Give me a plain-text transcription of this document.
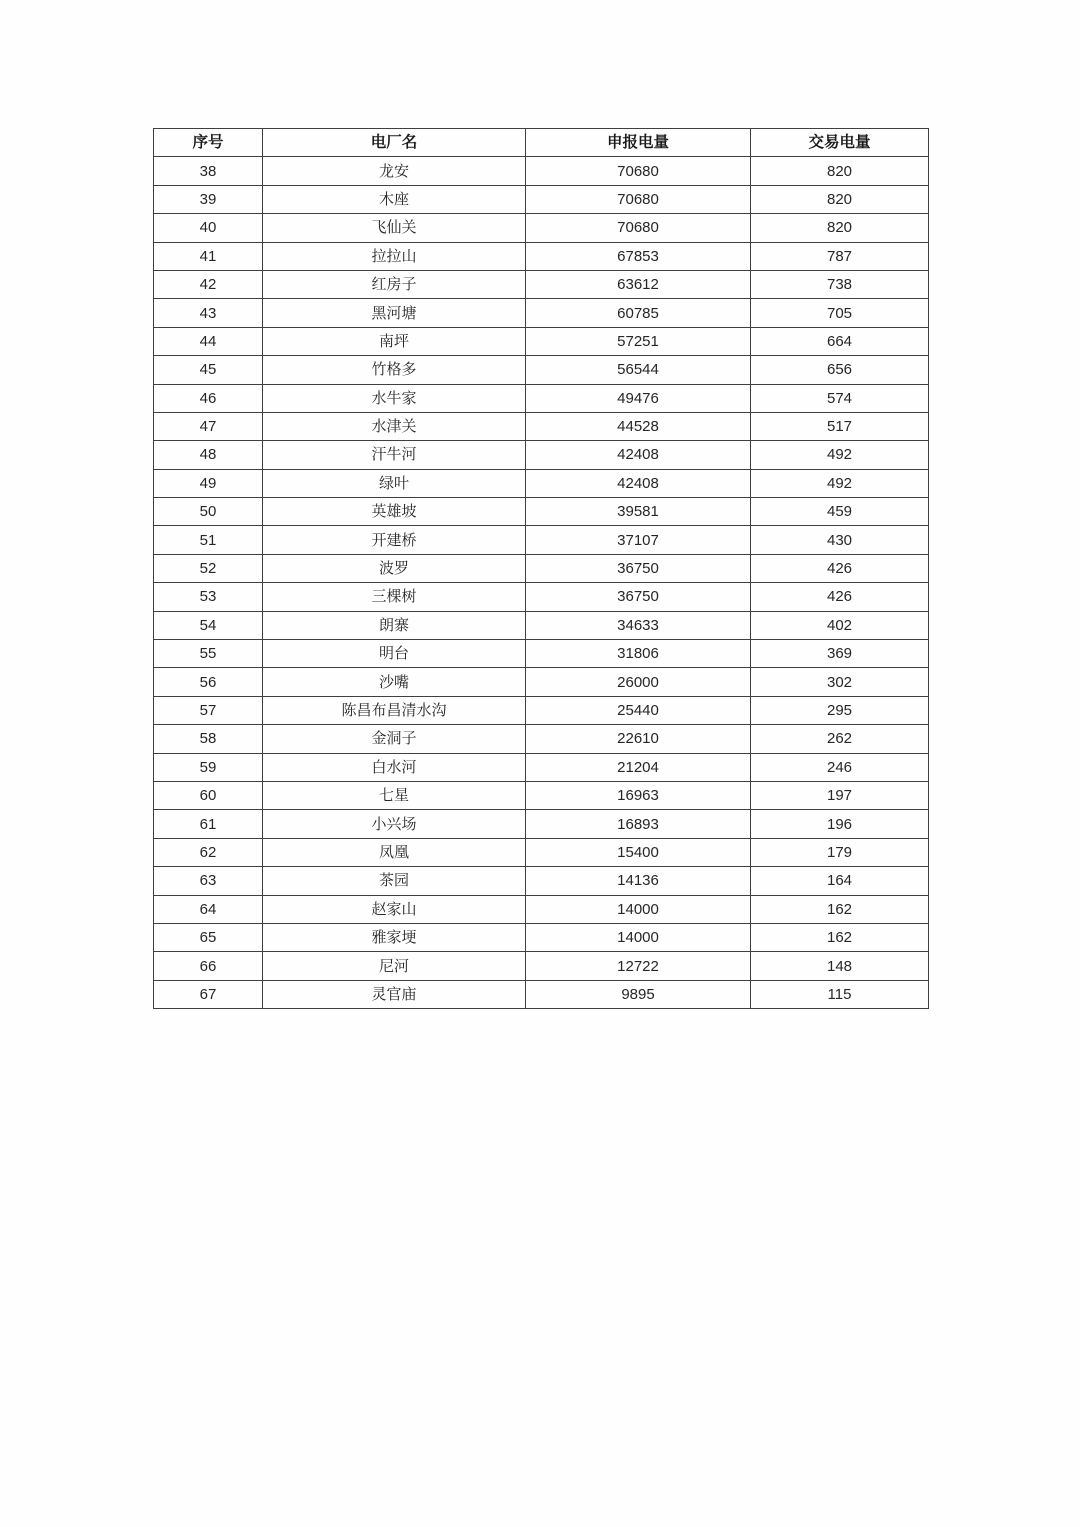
序号	电厂名	申报电量	交易电量
38	龙安	70680	820
39	木座	70680	820
40	飞仙关	70680	820
41	拉拉山	67853	787
42	红房子	63612	738
43	黑河塘	60785	705
44	南坪	57251	664
45	竹格多	56544	656
46	水牛家	49476	574
47	水津关	44528	517
48	汗牛河	42408	492
49	绿叶	42408	492
50	英雄坡	39581	459
51	开建桥	37107	430
52	波罗	36750	426
53	三棵树	36750	426
54	朗寨	34633	402
55	明台	31806	369
56	沙嘴	26000	302
57	陈昌布昌清水沟	25440	295
58	金洞子	22610	262
59	白水河	21204	246
60	七星	16963	197
61	小兴场	16893	196
62	凤凰	15400	179
63	茶园	14136	164
64	赵家山	14000	162
65	雅家埂	14000	162
66	尼河	12722	148
67	灵官庙	9895	115
